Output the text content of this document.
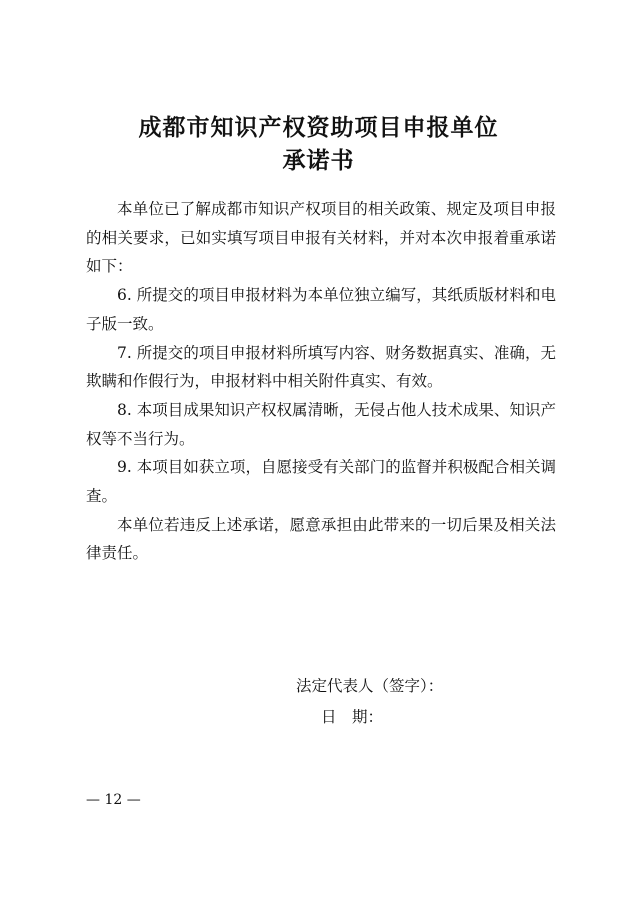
成都市知识产权资助项目申报单位
承诺书

本单位已了解成都市知识产权项目的相关政策、规定及项目申报的相关要求，已如实填写项目申报有关材料，并对本次申报着重承诺如下：

6. 所提交的项目申报材料为本单位独立编写，其纸质版材料和电子版一致。

7. 所提交的项目申报材料所填写内容、财务数据真实、准确，无欺瞒和作假行为，申报材料中相关附件真实、有效。

8. 本项目成果知识产权权属清晰，无侵占他人技术成果、知识产权等不当行为。

9. 本项目如获立项，自愿接受有关部门的监督并积极配合相关调查。

本单位若违反上述承诺，愿意承担由此带来的一切后果及相关法律责任。

法定代表人（签字）：
日　期：
— 12 —
